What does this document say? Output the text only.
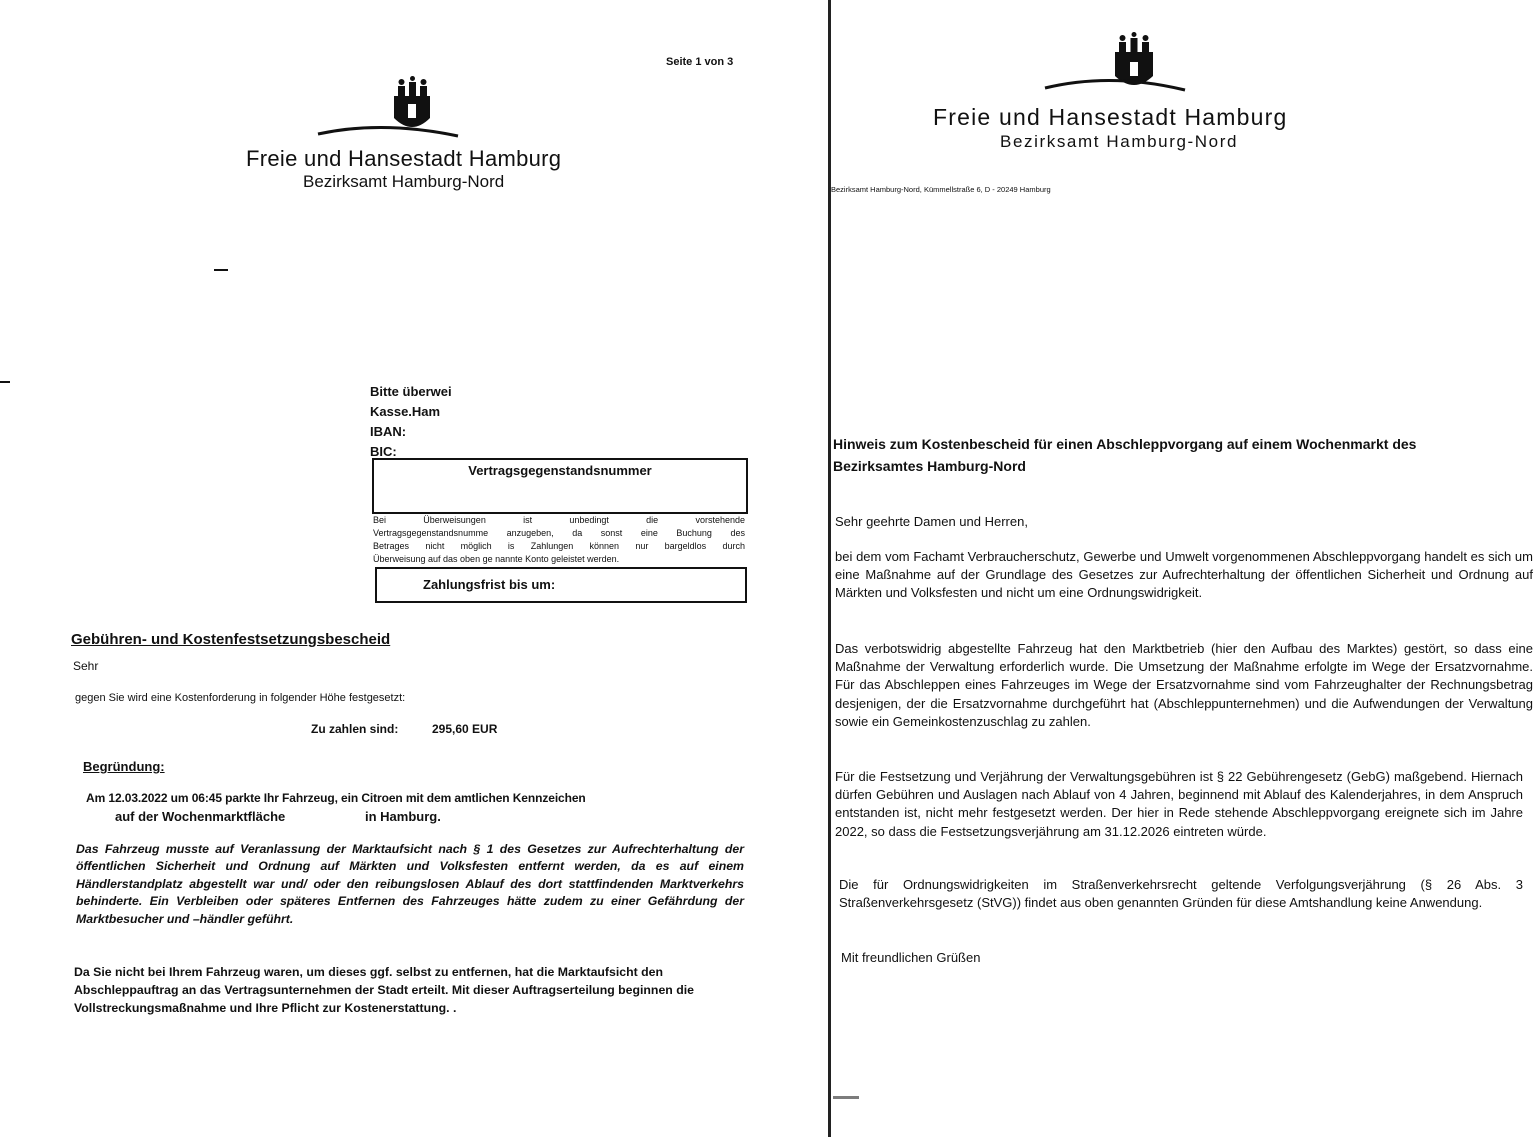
Seite 1 von 3
Freie und Hansestadt Hamburg
Bezirksamt Hamburg-Nord
Bitte überwei
Kasse.Ham
IBAN:
BIC:
Vertragsgegenstandsnummer
Bei Überweisungen ist unbedingt die vorstehende
Vertragsgegenstandsnumme anzugeben, da sonst eine Buchung des
Betrages nicht möglich is Zahlungen können nur bargeldlos durch
Überweisung auf das oben ge nannte Konto geleistet werden.
Zahlungsfrist bis um:
Gebühren- und Kostenfestsetzungsbescheid
Sehr
gegen Sie wird eine Kostenforderung in folgender Höhe festgesetzt:
Zu zahlen sind:	295,60 EUR
Begründung:
Am 12.03.2022 um 06:45 parkte Ihr Fahrzeug, ein Citroen mit dem amtlichen Kennzeichen
auf der Wochenmarktfläche	in Hamburg.
Das Fahrzeug musste auf Veranlassung der Marktaufsicht nach § 1 des Gesetzes zur Aufrechterhaltung der öffentlichen Sicherheit und Ordnung auf Märkten und Volksfesten entfernt werden, da es auf einem Händlerstandplatz abgestellt war und/ oder den reibungslosen Ablauf des dort stattfindenden Marktverkehrs behinderte. Ein Verbleiben oder späteres Entfernen des Fahrzeuges hätte zudem zu einer Gefährdung der Marktbesucher und –händler geführt.
Da Sie nicht bei Ihrem Fahrzeug waren, um dieses ggf. selbst zu entfernen, hat die Marktaufsicht den Abschleppauftrag an das Vertragsunternehmen der Stadt erteilt. Mit dieser Auftragserteilung beginnen die Vollstreckungsmaßnahme und Ihre Pflicht zur Kostenerstattung. .
Freie und Hansestadt Hamburg
Bezirksamt Hamburg-Nord
Bezirksamt Hamburg-Nord, Kümmellstraße 6, D - 20249 Hamburg
Hinweis zum Kostenbescheid für einen Abschleppvorgang auf einem Wochenmarkt des
Bezirksamtes Hamburg-Nord
Sehr geehrte Damen und Herren,
bei dem vom Fachamt Verbraucherschutz, Gewerbe und Umwelt vorgenommenen Abschleppvorgang handelt es sich um eine Maßnahme auf der Grundlage des Gesetzes zur Aufrechterhaltung der öffentlichen Sicherheit und Ordnung auf Märkten und Volksfesten und nicht um eine Ordnungswidrigkeit.
Das verbotswidrig abgestellte Fahrzeug hat den Marktbetrieb (hier den Aufbau des Marktes) gestört, so dass eine Maßnahme der Verwaltung erforderlich wurde. Die Umsetzung der Maßnahme erfolgte im Wege der Ersatzvornahme. Für das Abschleppen eines Fahrzeuges im Wege der Ersatzvornahme sind vom Fahrzeughalter der Rechnungsbetrag desjenigen, der die Ersatzvornahme durchgeführt hat (Abschleppunternehmen) und die Aufwendungen der Verwaltung sowie ein Gemeinkostenzuschlag zu zahlen.
Für die Festsetzung und Verjährung der Verwaltungsgebühren ist § 22 Gebührengesetz (GebG) maßgebend. Hiernach dürfen Gebühren und Auslagen nach Ablauf von 4 Jahren, beginnend mit Ablauf des Kalenderjahres, in dem Anspruch entstanden ist, nicht mehr festgesetzt werden. Der hier in Rede stehende Abschleppvorgang ereignete sich im Jahre 2022, so dass die Festsetzungsverjährung am 31.12.2026 eintreten würde.
Die für Ordnungswidrigkeiten im Straßenverkehrsrecht geltende Verfolgungsverjährung (§ 26 Abs. 3 Straßenverkehrsgesetz (StVG)) findet aus oben genannten Gründen für diese Amtshandlung keine Anwendung.
Mit freundlichen Grüßen
